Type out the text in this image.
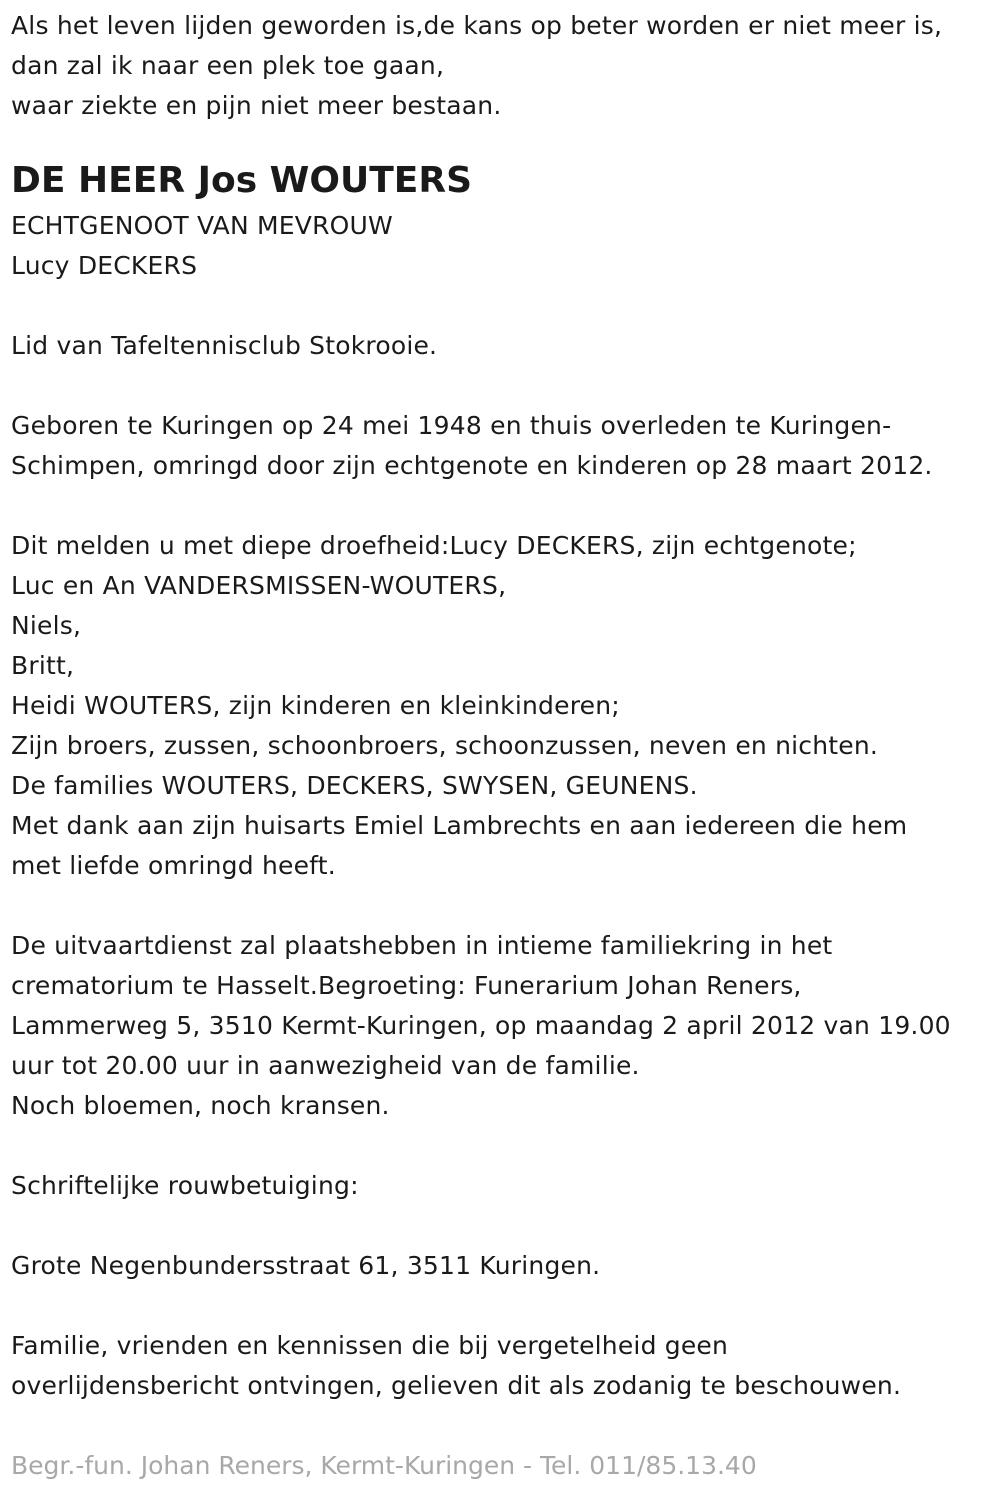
Als het leven lijden geworden is,de kans op beter worden er niet meer is,
dan zal ik naar een plek toe gaan,
waar ziekte en pijn niet meer bestaan.
DE HEER Jos WOUTERS
ECHTGENOOT VAN MEVROUW
Lucy DECKERS
Lid van Tafeltennisclub Stokrooie.
Geboren te Kuringen op 24 mei 1948 en thuis overleden te Kuringen-
Schimpen, omringd door zijn echtgenote en kinderen op 28 maart 2012.
Dit melden u met diepe droefheid:Lucy DECKERS, zijn echtgenote;
Luc en An VANDERSMISSEN-WOUTERS,
Niels,
Britt,
Heidi WOUTERS, zijn kinderen en kleinkinderen;
Zijn broers, zussen, schoonbroers, schoonzussen, neven en nichten.
De families WOUTERS, DECKERS, SWYSEN, GEUNENS.
Met dank aan zijn huisarts Emiel Lambrechts en aan iedereen die hem
met liefde omringd heeft.
De uitvaartdienst zal plaatshebben in intieme familiekring in het
crematorium te Hasselt.Begroeting: Funerarium Johan Reners,
Lammerweg 5, 3510 Kermt-Kuringen, op maandag 2 april 2012 van 19.00
uur tot 20.00 uur in aanwezigheid van de familie.
Noch bloemen, noch kransen.
Schriftelijke rouwbetuiging:
Grote Negenbundersstraat 61, 3511 Kuringen.
Familie, vrienden en kennissen die bij vergetelheid geen
overlijdensbericht ontvingen, gelieven dit als zodanig te beschouwen.
Begr.-fun. Johan Reners, Kermt-Kuringen - Tel. 011/85.13.40
